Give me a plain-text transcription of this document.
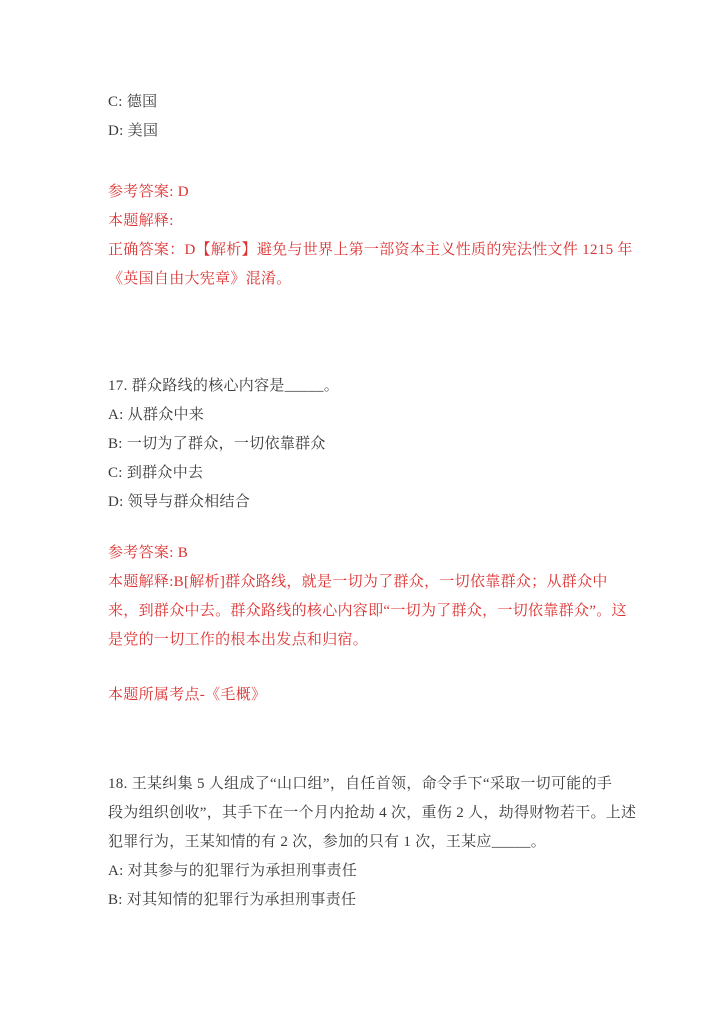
C: 德国
D: 美国
参考答案: D
本题解释:
正确答案：D【解析】避免与世界上第一部资本主义性质的宪法性文件 1215 年
《英国自由大宪章》混淆。
17. 群众路线的核心内容是_____。
A: 从群众中来
B: 一切为了群众，一切依靠群众
C: 到群众中去
D: 领导与群众相结合
参考答案: B
本题解释:B[解析]群众路线，就是一切为了群众，一切依靠群众；从群众中
来，到群众中去。群众路线的核心内容即“一切为了群众，一切依靠群众”。这
是党的一切工作的根本出发点和归宿。
本题所属考点-《毛概》
18. 王某纠集 5 人组成了“山口组”，自任首领，命令手下“采取一切可能的手
段为组织创收”，其手下在一个月内抢劫 4 次，重伤 2 人，劫得财物若干。上述
犯罪行为，王某知情的有 2 次，参加的只有 1 次，王某应_____。
A: 对其参与的犯罪行为承担刑事责任
B: 对其知情的犯罪行为承担刑事责任
